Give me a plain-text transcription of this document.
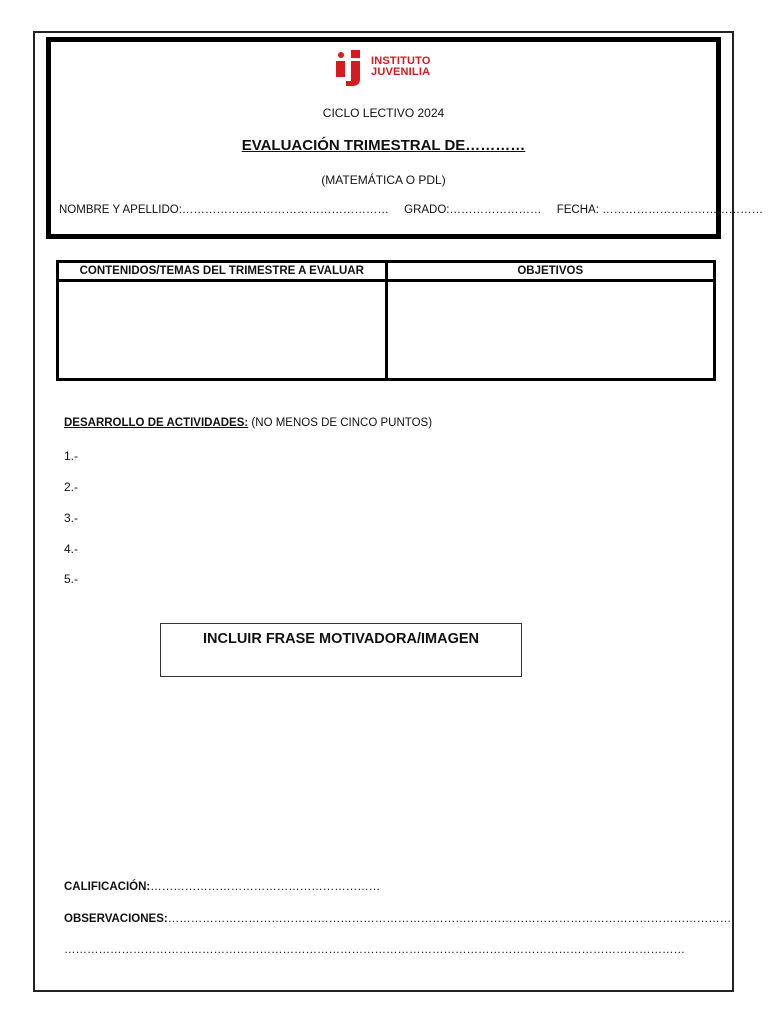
INSTITUTO
JUVENILIA
CICLO LECTIVO 2024
EVALUACIÓN TRIMESTRAL DE…………
(MATEMÁTICA O PDL)
NOMBRE Y APELLIDO:……………………………………………… GRADO:…………………… FECHA: ……………………………………
CONTENIDOS/TEMAS DEL TRIMESTRE A EVALUAR	OBJETIVOS

DESARROLLO DE ACTIVIDADES: (NO MENOS DE CINCO PUNTOS)
1.-
2.-
3.-
4.-
5.-
INCLUIR FRASE MOTIVADORA/IMAGEN
CALIFICACIÓN:……………………………………………………
OBSERVACIONES:…………………………………………………………………………………………………………………………………
………………………………………………………………………………………………………………………………………………
